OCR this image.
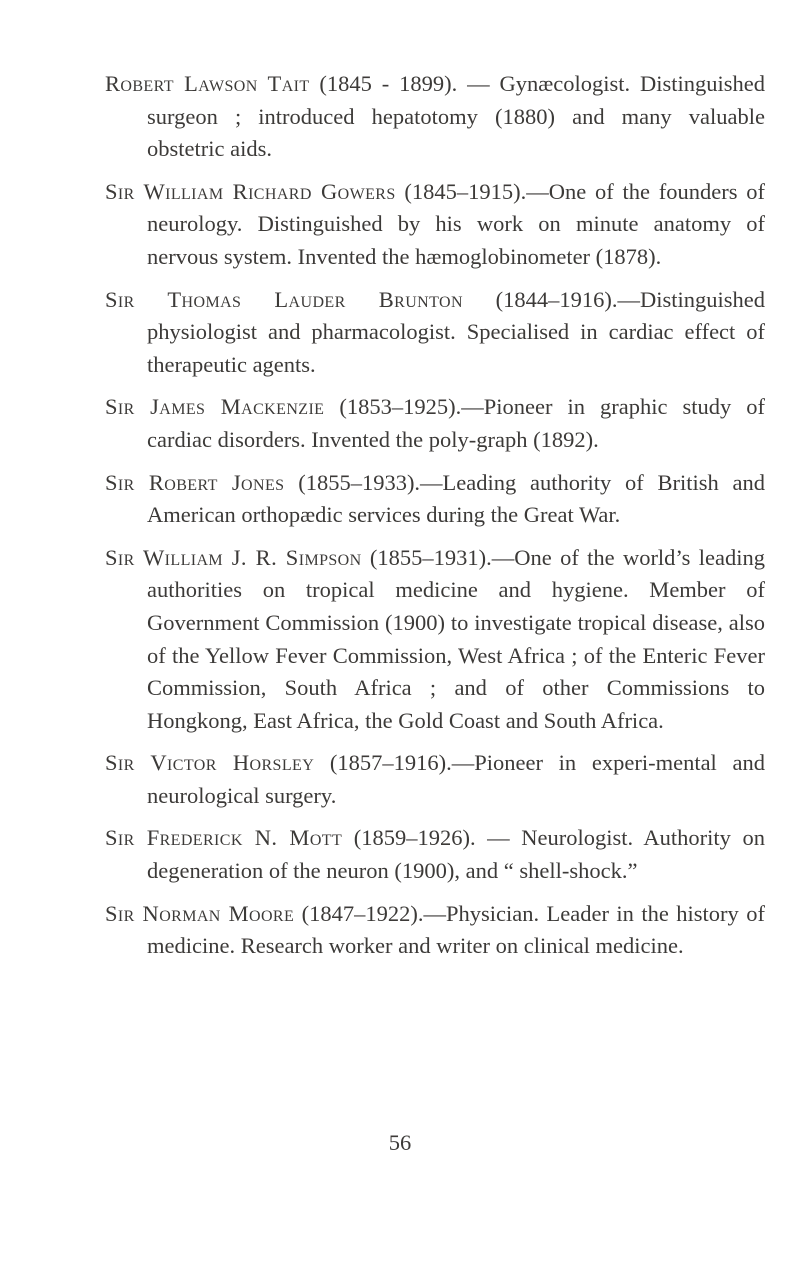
Robert Lawson Tait (1845 - 1899). — Gynæcologist. Distinguished surgeon ; introduced hepatotomy (1880) and many valuable obstetric aids.

Sir William Richard Gowers (1845–1915).—One of the founders of neurology. Distinguished by his work on minute anatomy of nervous system. Invented the hæmoglobinometer (1878).

Sir Thomas Lauder Brunton (1844–1916).—Distinguished physiologist and pharmacologist. Specialised in cardiac effect of therapeutic agents.

Sir James Mackenzie (1853–1925).—Pioneer in graphic study of cardiac disorders. Invented the poly-graph (1892).

Sir Robert Jones (1855–1933).—Leading authority of British and American orthopædic services during the Great War.

Sir William J. R. Simpson (1855–1931).—One of the world’s leading authorities on tropical medicine and hygiene. Member of Government Commission (1900) to investigate tropical disease, also of the Yellow Fever Commission, West Africa ; of the Enteric Fever Commission, South Africa ; and of other Commissions to Hongkong, East Africa, the Gold Coast and South Africa.

Sir Victor Horsley (1857–1916).—Pioneer in experi-mental and neurological surgery.

Sir Frederick N. Mott (1859–1926). — Neurologist. Authority on degeneration of the neuron (1900), and “ shell-shock.”

Sir Norman Moore (1847–1922).—Physician. Leader in the history of medicine. Research worker and writer on clinical medicine.

56
